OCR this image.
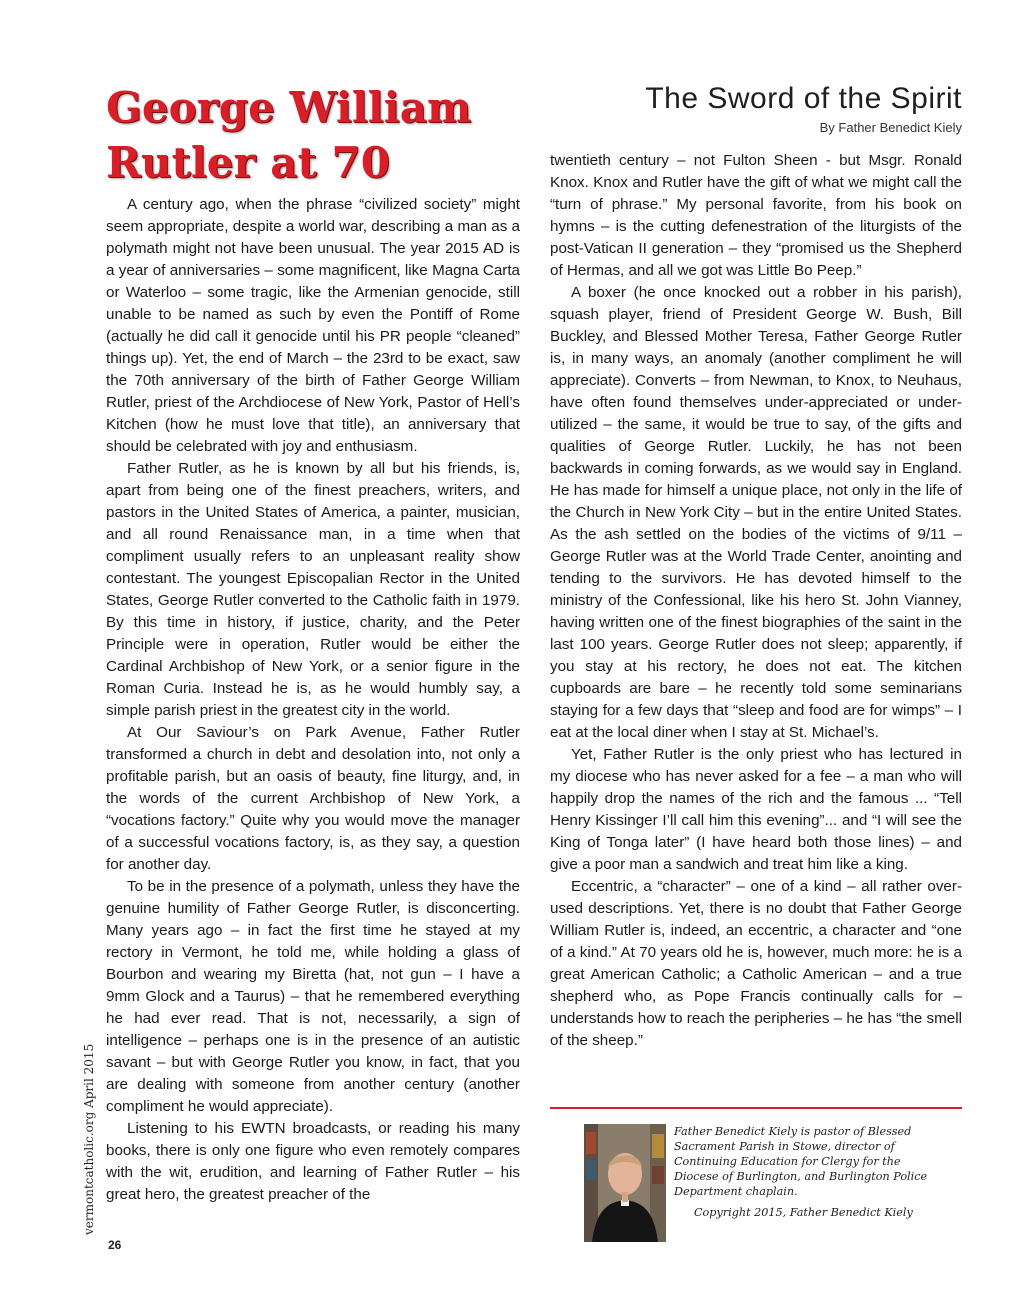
George William Rutler at 70
The Sword of the Spirit
By Father Benedict Kiely

A century ago, when the phrase “civilized society” might seem appropriate, despite a world war, describing a man as a polymath might not have been unusual. The year 2015 AD is a year of anniversaries – some magnificent, like Magna Carta or Waterloo – some tragic, like the Armenian genocide, still unable to be named as such by even the Pontiff of Rome (actually he did call it genocide until his PR people “cleaned” things up). Yet, the end of March – the 23rd to be exact, saw the 70th anniversary of the birth of Father George William Rutler, priest of the Archdiocese of New York, Pastor of Hell’s Kitchen (how he must love that title), an anniversary that should be celebrated with joy and enthusiasm.

Father Rutler, as he is known by all but his friends, is, apart from being one of the finest preachers, writers, and pastors in the United States of America, a painter, musician, and all round Renaissance man, in a time when that compliment usually refers to an unpleasant reality show contestant. The youngest Episcopalian Rector in the United States, George Rutler converted to the Catholic faith in 1979. By this time in history, if justice, charity, and the Peter Principle were in operation, Rutler would be either the Cardinal Archbishop of New York, or a senior figure in the Roman Curia. Instead he is, as he would humbly say, a simple parish priest in the greatest city in the world.

At Our Saviour’s on Park Avenue, Father Rutler transformed a church in debt and desolation into, not only a profitable parish, but an oasis of beauty, fine liturgy, and, in the words of the current Archbishop of New York, a “vocations factory.” Quite why you would move the manager of a successful vocations factory, is, as they say, a question for another day.

To be in the presence of a polymath, unless they have the genuine humility of Father George Rutler, is disconcerting. Many years ago – in fact the first time he stayed at my rectory in Vermont, he told me, while holding a glass of Bourbon and wearing my Biretta (hat, not gun – I have a 9mm Glock and a Taurus) – that he remembered everything he had ever read. That is not, necessarily, a sign of intelligence – perhaps one is in the presence of an autistic savant – but with George Rutler you know, in fact, that you are dealing with someone from another century (another compliment he would appreciate).

Listening to his EWTN broadcasts, or reading his many books, there is only one figure who even remotely compares with the wit, erudition, and learning of Father Rutler – his great hero, the greatest preacher of the

twentieth century – not Fulton Sheen - but Msgr. Ronald Knox. Knox and Rutler have the gift of what we might call the “turn of phrase.” My personal favorite, from his book on hymns – is the cutting defenestration of the liturgists of the post-Vatican II generation – they “promised us the Shepherd of Hermas, and all we got was Little Bo Peep.”

A boxer (he once knocked out a robber in his parish), squash player, friend of President George W. Bush, Bill Buckley, and Blessed Mother Teresa, Father George Rutler is, in many ways, an anomaly (another compliment he will appreciate). Converts – from Newman, to Knox, to Neuhaus, have often found themselves under-appreciated or under-utilized – the same, it would be true to say, of the gifts and qualities of George Rutler. Luckily, he has not been backwards in coming forwards, as we would say in England. He has made for himself a unique place, not only in the life of the Church in New York City – but in the entire United States. As the ash settled on the bodies of the victims of 9/11 – George Rutler was at the World Trade Center, anointing and tending to the survivors. He has devoted himself to the ministry of the Confessional, like his hero St. John Vianney, having written one of the finest biographies of the saint in the last 100 years. George Rutler does not sleep; apparently, if you stay at his rectory, he does not eat. The kitchen cupboards are bare – he recently told some seminarians staying for a few days that “sleep and food are for wimps” – I eat at the local diner when I stay at St. Michael’s.

Yet, Father Rutler is the only priest who has lectured in my diocese who has never asked for a fee – a man who will happily drop the names of the rich and the famous ... “Tell Henry Kissinger I’ll call him this evening”... and “I will see the King of Tonga later” (I have heard both those lines) – and give a poor man a sandwich and treat him like a king.

Eccentric, a “character” – one of a kind – all rather over-used descriptions. Yet, there is no doubt that Father George William Rutler is, indeed, an eccentric, a character and “one of a kind.” At 70 years old he is, however, much more: he is a great American Catholic; a Catholic American – and a true shepherd who, as Pope Francis continually calls for – understands how to reach the peripheries – he has “the smell of the sheep.”

Father Benedict Kiely is pastor of Blessed Sacrament Parish in Stowe, director of Continuing Education for Clergy for the Diocese of Burlington, and Burlington Police Department chaplain.

Copyright 2015, Father Benedict Kiely
vermontcatholic.org April 2015
26
